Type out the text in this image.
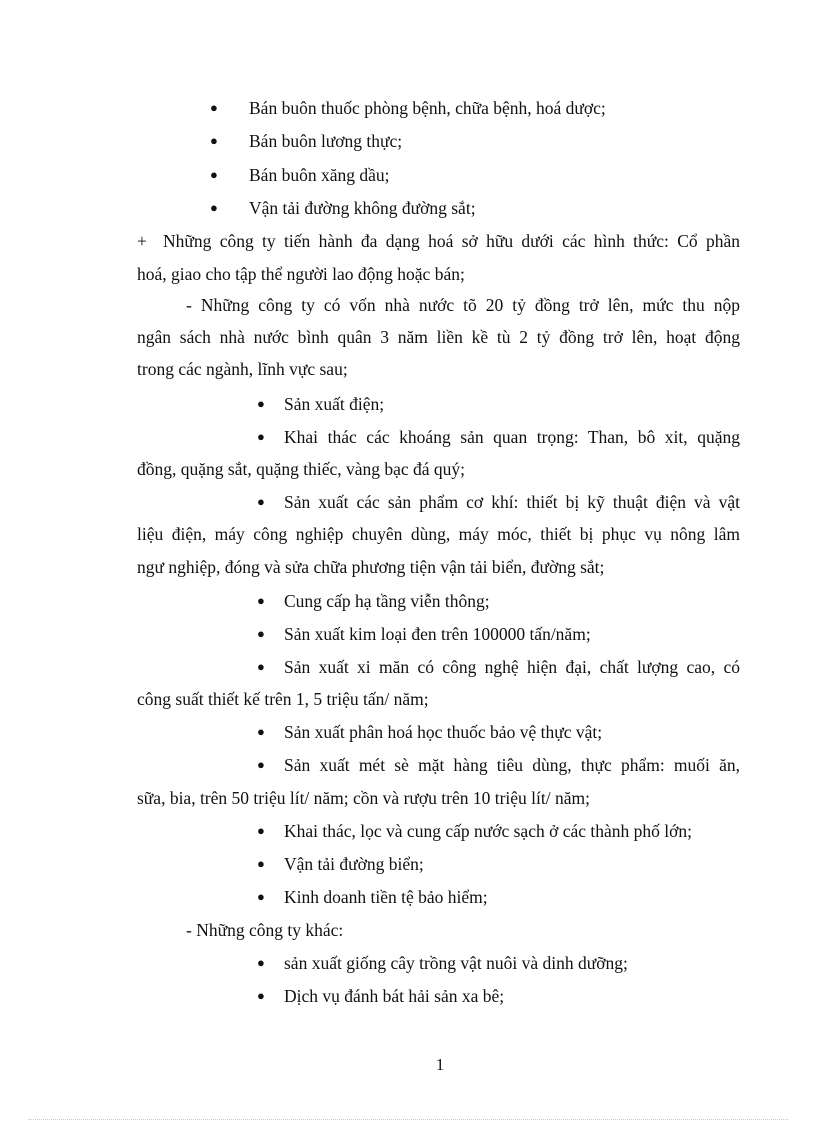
● Bán buôn thuốc phòng bệnh, chữa bệnh, hoá dược;
● Bán buôn lương thực;
● Bán buôn xăng dầu;
● Vận tải đường không đường sắt;
+ Những công ty tiến hành đa dạng hoá sở hữu dưới các hình thức: Cổ phần
hoá, giao cho tập thể người lao động hoặc bán;
- Những công ty có vốn nhà nước tõ 20 tỷ đồng trở lên, mức thu nộp
ngân sách nhà nước bình quân 3 năm liền kề tù 2 tỷ đồng trở lên, hoạt động
trong các ngành, lĩnh vực sau;
● Sản xuất điện;
● Khai thác các khoáng sản quan trọng: Than, bô xit, quặng
đồng, quặng sắt, quặng thiếc, vàng bạc đá quý;
● Sản xuất các sản phẩm cơ khí: thiết bị kỹ thuật điện và vật
liệu điện, máy công nghiệp chuyên dùng, máy móc, thiết bị phục vụ nông lâm
ngư nghiệp, đóng và sửa chữa phương tiện vận tải biển, đường sắt;
● Cung cấp hạ tầng viễn thông;
● Sản xuất kim loại đen trên 100000 tấn/năm;
● Sản xuất xi măn có công nghệ hiện đại, chất lượng cao, có
công suất thiết kế trên 1, 5 triệu tấn/ năm;
● Sản xuất phân hoá học thuốc bảo vệ thực vật;
● Sản xuất mét sè mặt hàng tiêu dùng, thực phẩm: muối ăn,
sữa, bia, trên 50 triệu lít/ năm; cồn và rượu trên 10 triệu lít/ năm;
● Khai thác, lọc và cung cấp nước sạch ở các thành phố lớn;
● Vận tải đường biển;
● Kinh doanh tiền tệ bảo hiểm;
- Những công ty khác:
● sản xuất giống cây trồng vật nuôi và dinh dưỡng;
● Dịch vụ đánh bát hải sản xa bê;
1
